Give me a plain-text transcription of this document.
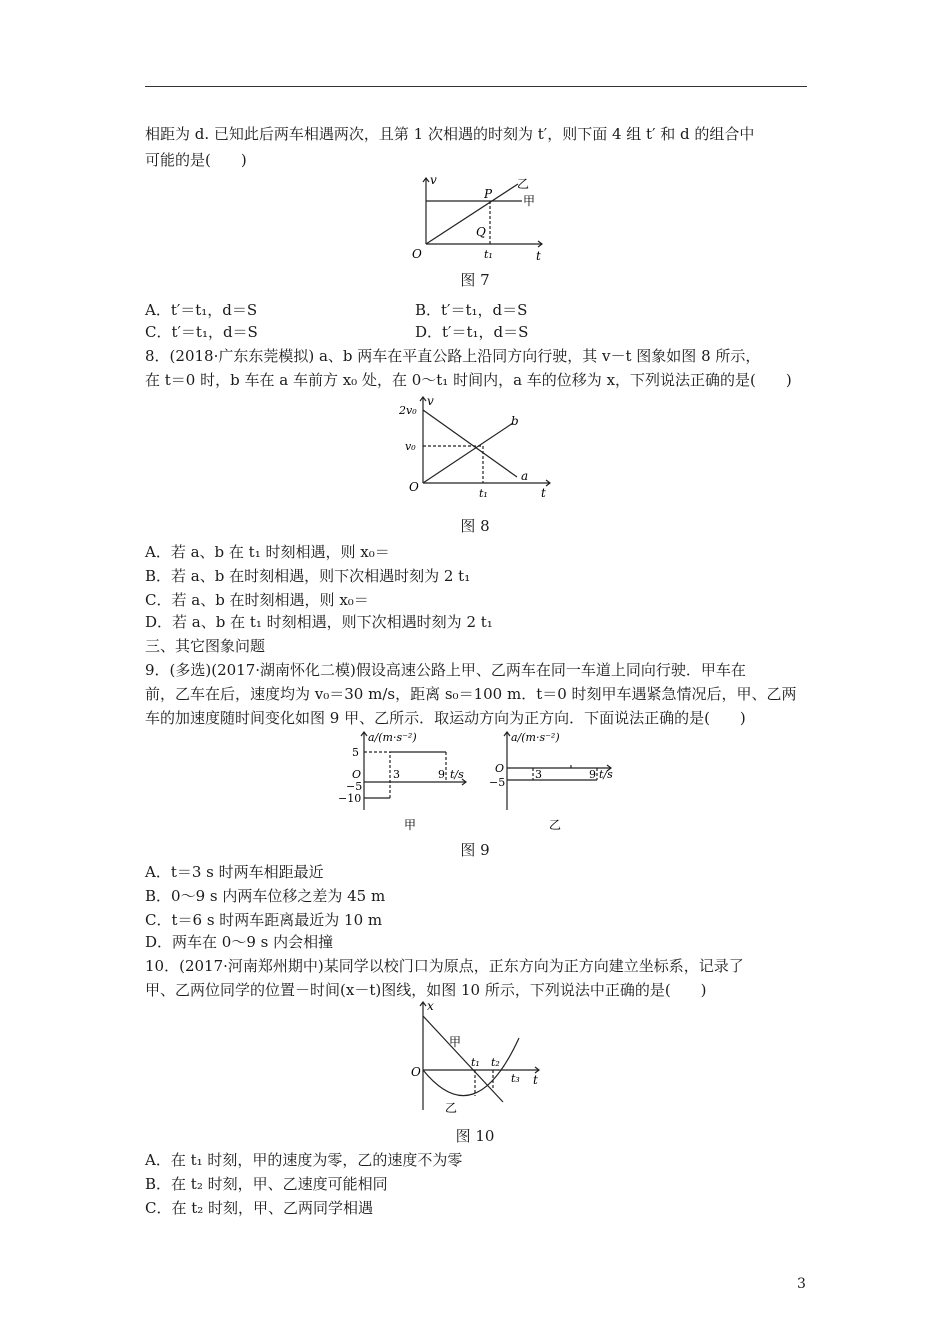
相距为 d. 已知此后两车相遇两次，且第 1 次相遇的时刻为 t′，则下面 4 组 t′ 和 d 的组合中
可能的是(　　)
v
t
O
P
Q
t₁
甲
乙
图 7
A．t′＝t₁，d＝S	B．t′＝t₁，d＝S
C．t′＝t₁，d＝S	D．t′＝t₁，d＝S
8．(2018·广东东莞模拟) a、b 两车在平直公路上沿同方向行驶，其 v－t 图象如图 8 所示，
在 t＝0 时，b 车在 a 车前方 x₀ 处，在 0～t₁ 时间内，a 车的位移为 x，下列说法正确的是(　　)
v
t
O
2v₀
v₀
t₁
a
b
图 8
A．若 a、b 在 t₁ 时刻相遇，则 x₀＝
B．若 a、b 在时刻相遇，则下次相遇时刻为 2 t₁
C．若 a、b 在时刻相遇，则 x₀＝
D．若 a、b 在 t₁ 时刻相遇，则下次相遇时刻为 2 t₁
三、其它图象问题
9．(多选)(2017·湖南怀化二模)假设高速公路上甲、乙两车在同一车道上同向行驶．甲车在
前，乙车在后，速度均为 v₀＝30 m/s，距离 s₀＝100 m．t＝0 时刻甲车遇紧急情况后，甲、乙两
车的加速度随时间变化如图 9 甲、乙所示．取运动方向为正方向．下面说法正确的是(　　)
a/(m·s⁻²)
t/s
O
5
−5
−10
3	9
甲
a/(m·s⁻²)
t/s
O
−5
3	9
乙
图 9
A．t＝3 s 时两车相距最近
B．0～9 s 内两车位移之差为 45 m
C．t＝6 s 时两车距离最近为 10 m
D．两车在 0～9 s 内会相撞
10．(2017·河南郑州期中)某同学以校门口为原点，正东方向为正方向建立坐标系，记录了
甲、乙两位同学的位置－时间(x－t)图线，如图 10 所示，下列说法中正确的是(　　)
x
t
O
甲
乙
t₁ t₂
t₃
图 10
A．在 t₁ 时刻，甲的速度为零，乙的速度不为零
B．在 t₂ 时刻，甲、乙速度可能相同
C．在 t₂ 时刻，甲、乙两同学相遇
3
